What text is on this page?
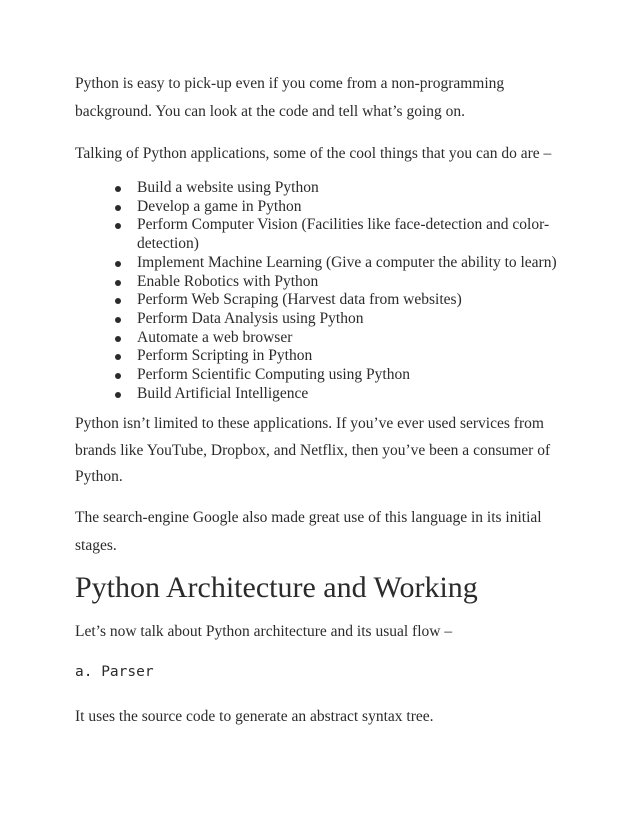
Python is easy to pick-up even if you come from a non-programming background. You can look at the code and tell what’s going on.

Talking of Python applications, some of the cool things that you can do are –

Build a website using Python
Develop a game in Python
Perform Computer Vision (Facilities like face-detection and color-detection)
Implement Machine Learning (Give a computer the ability to learn)
Enable Robotics with Python
Perform Web Scraping (Harvest data from websites)
Perform Data Analysis using Python
Automate a web browser
Perform Scripting in Python
Perform Scientific Computing using Python
Build Artificial Intelligence

Python isn’t limited to these applications. If you’ve ever used services from brands like YouTube, Dropbox, and Netflix, then you’ve been a consumer of Python.

The search-engine Google also made great use of this language in its initial stages.

Python Architecture and Working

Let’s now talk about Python architecture and its usual flow –

a. Parser

It uses the source code to generate an abstract syntax tree.
